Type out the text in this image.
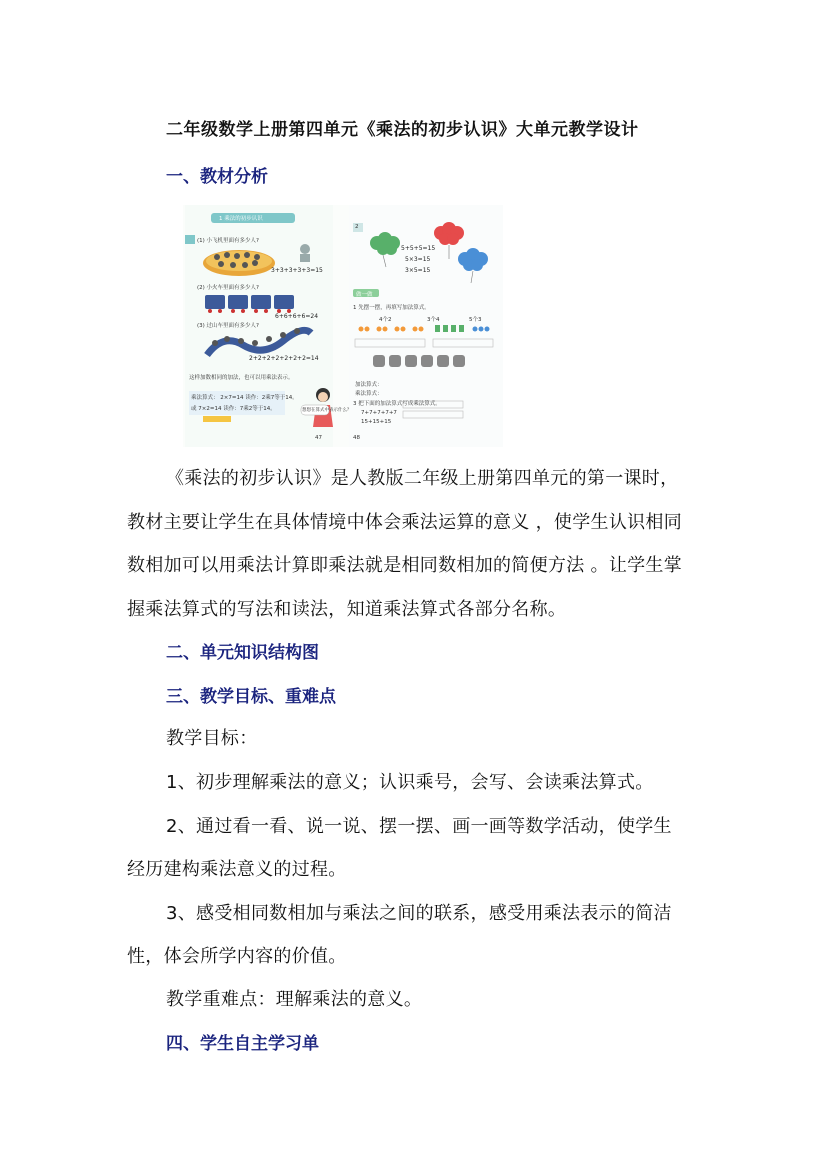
二年级数学上册第四单元《乘法的初步认识》大单元教学设计
一、教材分析
1 乘法的初步认识
(1) 小飞机里面有多少人?
3+3+3+3+3=15
(2) 小火车里面有多少人?
6+6+6+6=24
(3) 过山车里面有多少人?
2+2+2+2+2+2+2=14
这样加数相同的加法，也可以用乘法表示。
乘法算式： 2×7=14 读作：2乘7等于14。
或 7×2=14 读作：7乘2等于14。	想想在算式中表示什么？
47
2
5+5+5=15
5×3=15
3×5=15
做一做
1 先摆一摆，再填写加法算式。
4个2	3个4	5个3
加法算式：
乘法算式：
3 把下面的加法算式写成乘法算式。
7+7+7+7+7
15+15+15
48
《乘法的初步认识》是人教版二年级上册第四单元的第一课时，
教材主要让学生在具体情境中体会乘法运算的意义 ，使学生认识相同
数相加可以用乘法计算即乘法就是相同数相加的简便方法 。让学生掌
握乘法算式的写法和读法，知道乘法算式各部分名称。
二、单元知识结构图
三、教学目标、重难点
教学目标：
1、初步理解乘法的意义；认识乘号，会写、会读乘法算式。
2、通过看一看、说一说、摆一摆、画一画等数学活动，使学生
经历建构乘法意义的过程。
3、感受相同数相加与乘法之间的联系，感受用乘法表示的简洁
性，体会所学内容的价值。
教学重难点：理解乘法的意义。
四、学生自主学习单
